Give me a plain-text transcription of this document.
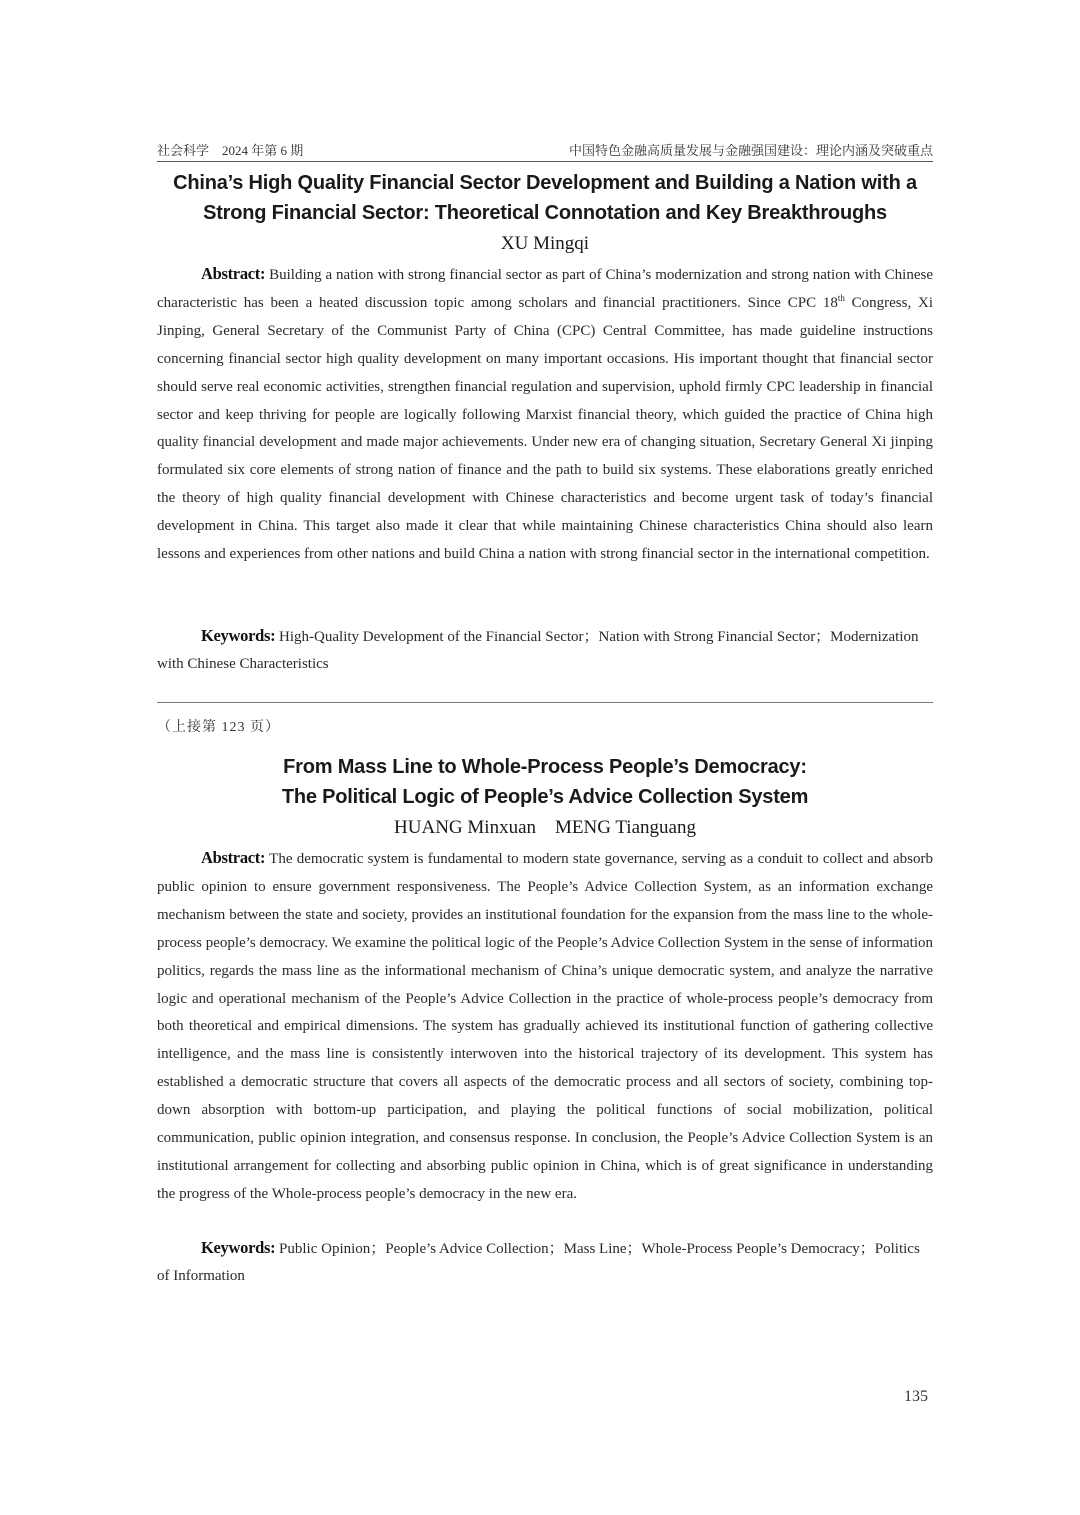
社会科学　2024 年第 6 期	中国特色金融高质量发展与金融强国建设：理论内涵及突破重点
China’s High Quality Financial Sector Development and Building a Nation with a
Strong Financial Sector: Theoretical Connotation and Key Breakthroughs
XU Mingqi

Abstract: Building a nation with strong financial sector as part of China’s modernization and strong nation with Chinese characteristic has been a heated discussion topic among scholars and financial practitioners. Since CPC 18th Congress, Xi Jinping, General Secretary of the Communist Party of China (CPC) Central Committee, has made guideline instructions concerning financial sector high quality development on many important occasions. His important thought that financial sector should serve real economic activities, strengthen financial regulation and supervision, uphold firmly CPC leadership in financial sector and keep thriving for people are logically following Marxist financial theory, which guided the practice of China high quality financial development and made major achievements. Under new era of changing situation, Secretary General Xi jinping formulated six core elements of strong nation of finance and the path to build six systems. These elaborations greatly enriched the theory of high quality financial development with Chinese characteristics and become urgent task of today’s financial development in China. This target also made it clear that while maintaining Chinese characteristics China should also learn lessons and experiences from other nations and build China a nation with strong financial sector in the international competition.

Keywords: High-Quality Development of the Financial Sector；Nation with Strong Financial Sector；Modernization with Chinese Characteristics

（上接第 123 页）
From Mass Line to Whole-Process People’s Democracy:
The Political Logic of People’s Advice Collection System
HUANG Minxuan　MENG Tianguang

Abstract: The democratic system is fundamental to modern state governance, serving as a conduit to collect and absorb public opinion to ensure government responsiveness. The People’s Advice Collection System, as an information exchange mechanism between the state and society, provides an institutional foundation for the expansion from the mass line to the whole-process people’s democracy. We examine the political logic of the People’s Advice Collection System in the sense of information politics, regards the mass line as the informational mechanism of China’s unique democratic system, and analyze the narrative logic and operational mechanism of the People’s Advice Collection in the practice of whole-process people’s democracy from both theoretical and empirical dimensions. The system has gradually achieved its institutional function of gathering collective intelligence, and the mass line is consistently interwoven into the historical trajectory of its development. This system has established a democratic structure that covers all aspects of the democratic process and all sectors of society, combining top-down absorption with bottom-up participation, and playing the political functions of social mobilization, political communication, public opinion integration, and consensus response. In conclusion, the People’s Advice Collection System is an institutional arrangement for collecting and absorbing public opinion in China, which is of great significance in understanding the progress of the Whole-process people’s democracy in the new era.

Keywords: Public Opinion；People’s Advice Collection；Mass Line；Whole-Process People’s Democracy；Politics of Information

135
